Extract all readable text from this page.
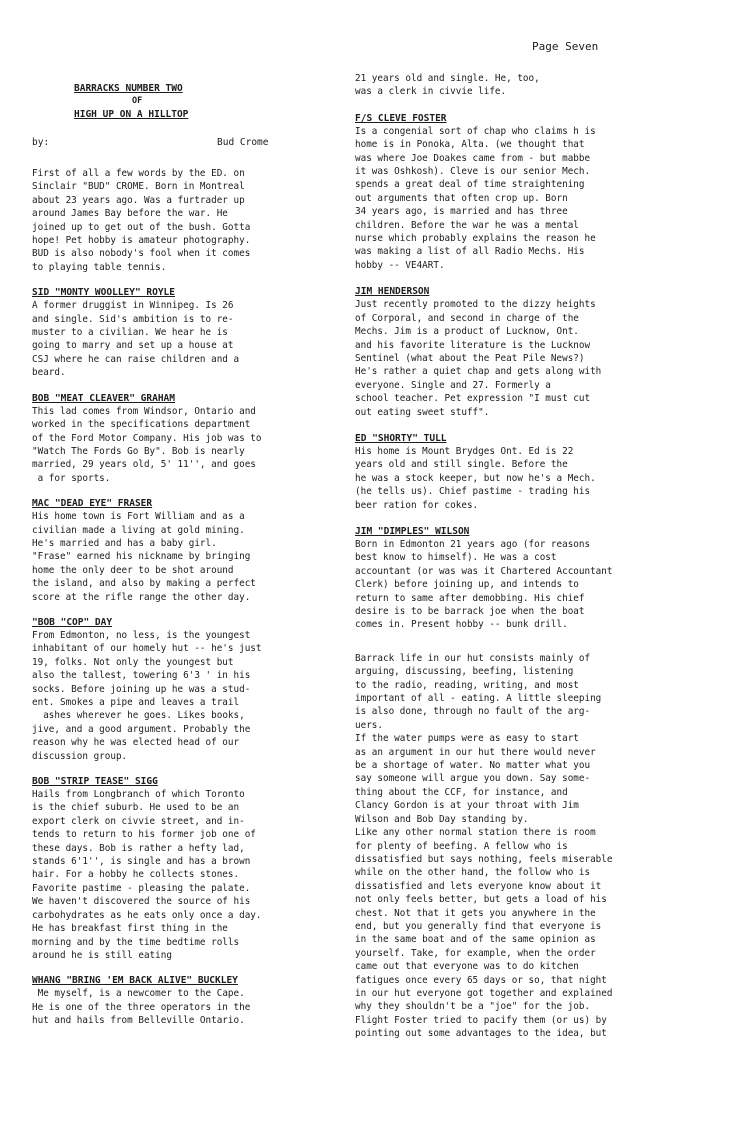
Page Seven
BARRACKS NUMBER TWO
OF
HIGH UP ON A HILLTOP
by:	Bud Crome

First of all a few words by the ED. on
Sinclair "BUD" CROME. Born in Montreal
about 23 years ago. Was a furtrader up
around James Bay before the war. He
joined up to get out of the bush. Gotta
hope! Pet hobby is amateur photography.
BUD is also nobody's fool when it comes
to playing table tennis.

SID "MONTY WOOLLEY" ROYLE

A former druggist in Winnipeg. Is 26
and single. Sid's ambition is to re-
muster to a civilian. We hear he is
going to marry and set up a house at
CSJ where he can raise children and a
beard.

BOB "MEAT CLEAVER" GRAHAM

This lad comes from Windsor, Ontario and
worked in the specifications department
of the Ford Motor Company. His job was to
"Watch The Fords Go By". Bob is nearly
married, 29 years old, 5' 11'', and goes
a for sports.

MAC "DEAD EYE" FRASER

His home town is Fort William and as a
civilian made a living at gold mining.
He's married and has a baby girl.
"Frase" earned his nickname by bringing
home the only deer to be shot around
the island, and also by making a perfect
score at the rifle range the other day.

"BOB "COP" DAY

From Edmonton, no less, is the youngest
inhabitant of our homely hut -- he's just
19, folks. Not only the youngest but
also the tallest, towering 6'3 ' in his
socks. Before joining up he was a stud-
ent. Smokes a pipe and leaves a trail
ashes wherever he goes. Likes books,
jive, and a good argument. Probably the
reason why he was elected head of our
discussion group.

BOB "STRIP TEASE" SIGG

Hails from Longbranch of which Toronto
is the chief suburb. He used to be an
export clerk on civvie street, and in-
tends to return to his former job one of
these days. Bob is rather a hefty lad,
stands 6'1'', is single and has a brown
hair. For a hobby he collects stones.
Favorite pastime - pleasing the palate.
We haven't discovered the source of his
carbohydrates as he eats only once a day.
He has breakfast first thing in the
morning and by the time bedtime rolls
around he is still eating

WHANG "BRING 'EM BACK ALIVE" BUCKLEY

Me myself, is a newcomer to the Cape.
He is one of the three operators in the
hut and hails from Belleville Ontario.

21 years old and single. He, too,
was a clerk in civvie life.

F/S CLEVE FOSTER

Is a congenial sort of chap who claims h is
home is in Ponoka, Alta. (we thought that
was where Joe Doakes came from - but mabbe
it was Oshkosh). Cleve is our senior Mech.
spends a great deal of time straightening
out arguments that often crop up. Born
34 years ago, is married and has three
children. Before the war he was a mental
nurse which probably explains the reason he
was making a list of all Radio Mechs. His
hobby -- VE4ART.

JIM HENDERSON

Just recently promoted to the dizzy heights
of Corporal, and second in charge of the
Mechs. Jim is a product of Lucknow, Ont.
and his favorite literature is the Lucknow
Sentinel (what about the Peat Pile News?)
He's rather a quiet chap and gets along with
everyone. Single and 27. Formerly a
school teacher. Pet expression "I must cut
out eating sweet stuff".

ED "SHORTY" TULL

His home is Mount Brydges Ont. Ed is 22
years old and still single. Before the
he was a stock keeper, but now he's a Mech.
(he tells us). Chief pastime - trading his
beer ration for cokes.

JIM "DIMPLES" WILSON

Born in Edmonton 21 years ago (for reasons
best know to himself). He was a cost
accountant (or was was it Chartered Accountant
Clerk) before joining up, and intends to
return to same after demobbing. His chief
desire is to be barrack joe when the boat
comes in. Present hobby -- bunk drill.

Barrack life in our hut consists mainly of
arguing, discussing, beefing, listening
to the radio, reading, writing, and most
important of all - eating. A little sleeping
is also done, through no fault of the arg-
uers.
If the water pumps were as easy to start
as an argument in our hut there would never
be a shortage of water. No matter what you
say someone will argue you down. Say some-
thing about the CCF, for instance, and
Clancy Gordon is at your throat with Jim
Wilson and Bob Day standing by.
Like any other normal station there is room
for plenty of beefing. A fellow who is
dissatisfied but says nothing, feels miserable
while on the other hand, the follow who is
dissatisfied and lets everyone know about it
not only feels better, but gets a load of his
chest. Not that it gets you anywhere in the
end, but you generally find that everyone is
in the same boat and of the same opinion as
yourself. Take, for example, when the order
came out that everyone was to do kitchen
fatigues once every 65 days or so, that night
in our hut everyone got together and explained
why they shouldn't be a "joe" for the job.
Flight Foster tried to pacify them (or us) by
pointing out some advantages to the idea, but
